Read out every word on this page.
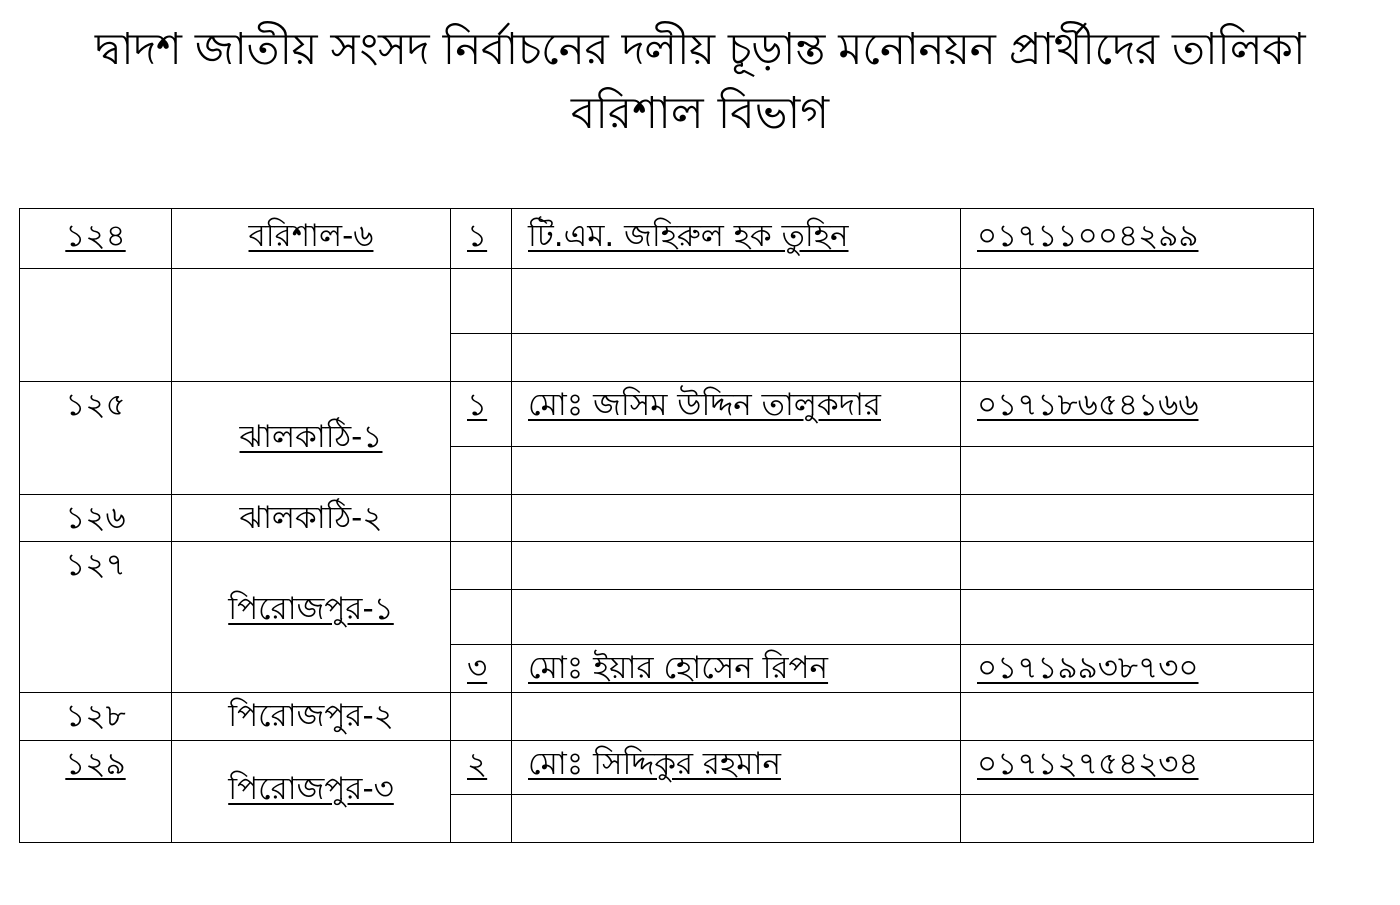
দ্বাদশ জাতীয় সংসদ নির্বাচনের দলীয় চূড়ান্ত মনোনয়ন প্রার্থীদের তালিকা
বরিশাল বিভাগ
১২৪	বরিশাল-৬	১	টি.এম. জহিরুল হক তুহিন	০১৭১১০০৪২৯৯

১২৫	ঝালকাঠি-১	১	মোঃ জসিম উদ্দিন তালুকদার	০১৭১৮৬৫৪১৬৬

১২৬	ঝালকাঠি-২			
১২৭	পিরোজপুর-১			

		৩	মোঃ ইয়ার হোসেন রিপন	০১৭১৯৯৩৮৭৩০
১২৮	পিরোজপুর-২			
১২৯	পিরোজপুর-৩	২	মোঃ সিদ্দিকুর রহমান	০১৭১২৭৫৪২৩৪
